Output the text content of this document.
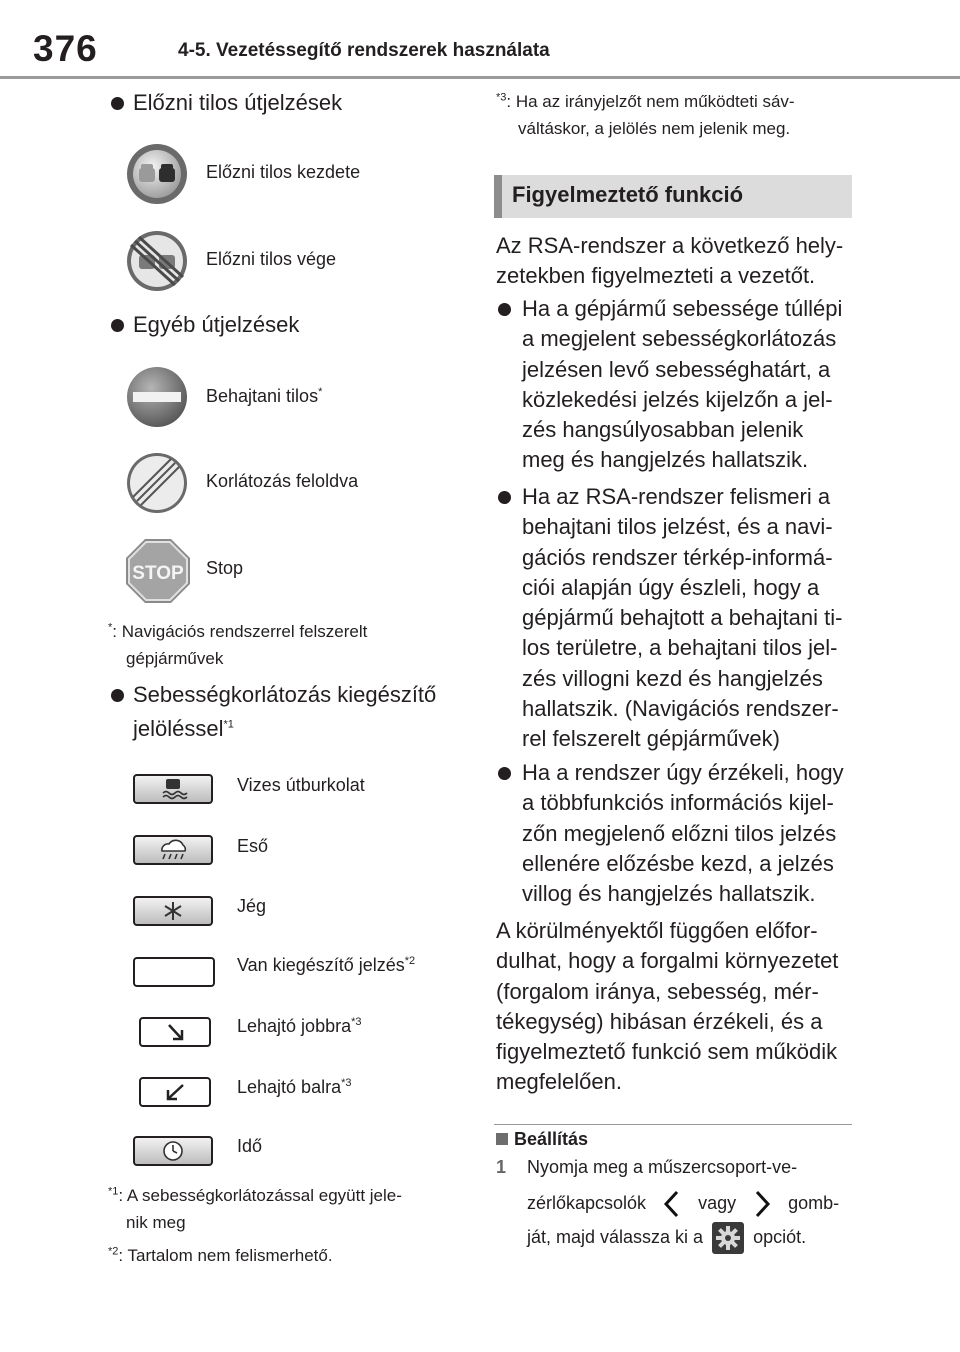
376	4-5. Vezetéssegítő rendszerek használata
Előzni tilos útjelzések
Előzni tilos kezdete
Előzni tilos vége
Egyéb útjelzések
Behajtani tilos*
Korlátozás feloldva
STOP Stop
*: Navigációs rendszerrel felszerelt
gépjárművek
Sebességkorlátozás kiegészítő
jelöléssel$^{*1}$
Vizes útburkolat
Eső
Jég
Van kiegészítő jelzés$^{*2}$
Lehajtó jobbra$^{*3}$
Lehajtó balra$^{*3}$
Idő
$^{*1}$: A sebességkorlátozással együtt jele-
nik meg
$^{*2}$: Tartalom nem felismerhető.
$^{*3}$: Ha az irányjelzőt nem működteti sáv-
váltáskor, a jelölés nem jelenik meg.
Figyelmeztető funkció
Az RSA-rendszer a következő hely-
zetekben figyelmezteti a vezetőt.
Ha a gépjármű sebessége túllépi
a megjelent sebességkorlátozás
jelzésen levő sebességhatárt, a
közlekedési jelzés kijelzőn a jel-
zés hangsúlyosabban jelenik
meg és hangjelzés hallatszik.
Ha az RSA-rendszer felismeri a
behajtani tilos jelzést, és a navi-
gációs rendszer térkép-informá-
ciói alapján úgy észleli, hogy a
gépjármű behajtott a behajtani ti-
los területre, a behajtani tilos jel-
zés villogni kezd és hangjelzés
hallatszik. (Navigációs rendszer-
rel felszerelt gépjárművek)
Ha a rendszer úgy érzékeli, hogy
a többfunkciós információs kijel-
zőn megjelenő előzni tilos jelzés
ellenére előzésbe kezd, a jelzés
villog és hangjelzés hallatszik.
A körülményektől függően előfor-
dulhat, hogy a forgalmi környezetet
(forgalom iránya, sebesség, mér-
tékegység) hibásan érzékeli, és a
figyelmeztető funkció sem működik
megfelelően.
Beállítás
1 Nyomja meg a műszercsoport-ve-
zérlőkapcsolók	vagy	gomb-
ját, majd válassza ki a	opciót.
